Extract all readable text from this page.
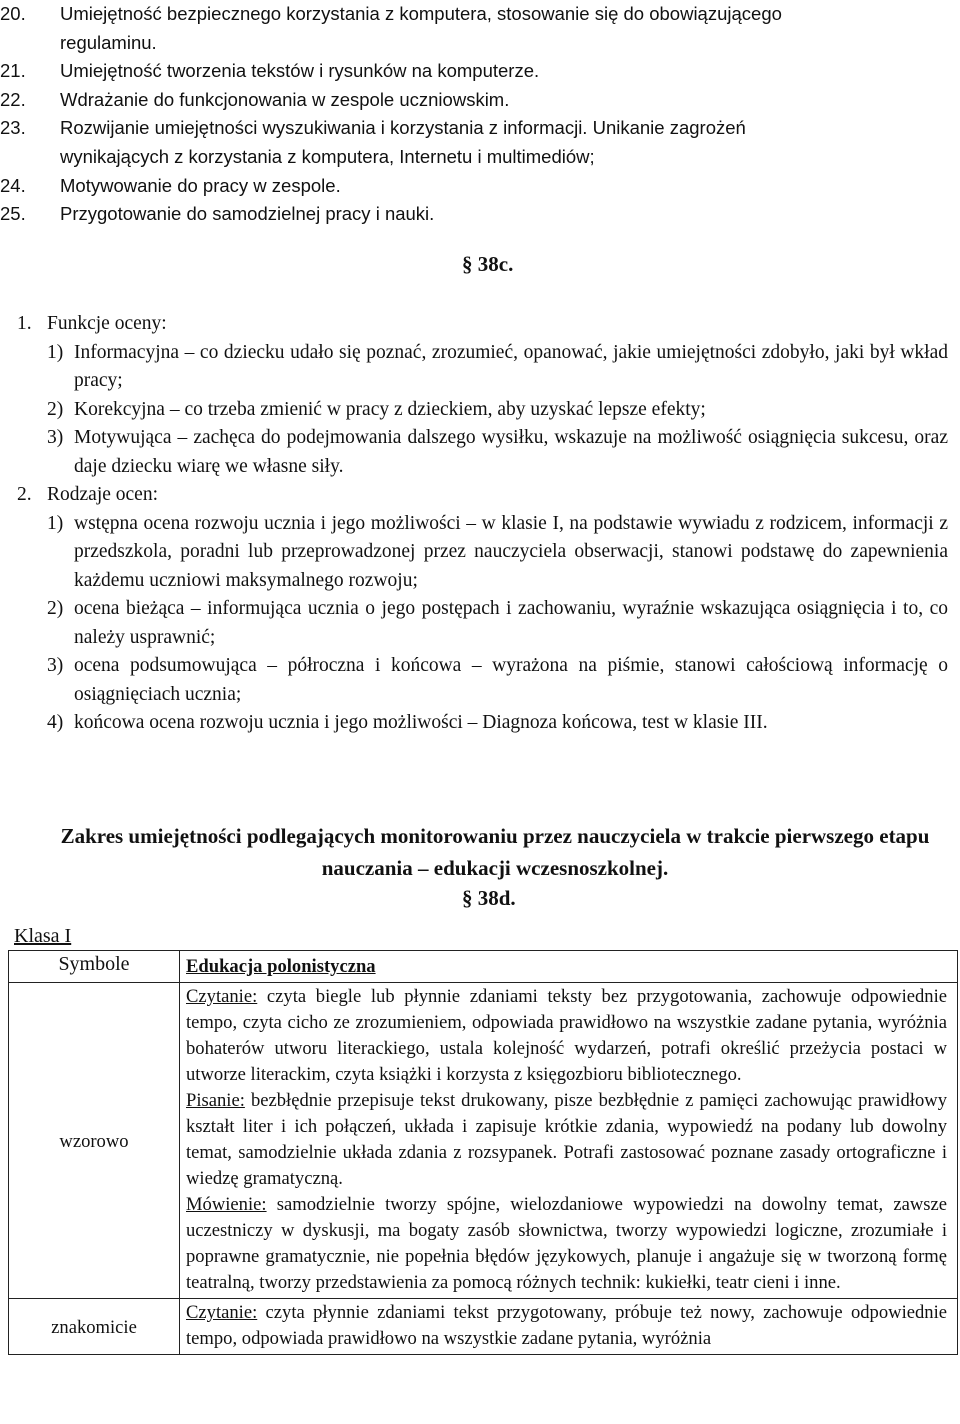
20.	Umiejętność bezpiecznego korzystania z komputera, stosowanie się do obowiązującego
regulaminu.
21.	Umiejętność tworzenia tekstów i rysunków na komputerze.
22.	Wdrażanie do funkcjonowania w zespole uczniowskim.
23.	Rozwijanie umiejętności wyszukiwania i korzystania z informacji. Unikanie zagrożeń
wynikających z korzystania z komputera, Internetu i multimediów;
24.	Motywowanie do pracy w zespole.
25.	Przygotowanie do samodzielnej pracy i nauki.
§ 38c.
1. Funkcje oceny:
1) Informacyjna – co dziecku udało się poznać, zrozumieć, opanować, jakie umiejętności zdobyło, jaki był wkład pracy;
2) Korekcyjna – co trzeba zmienić w pracy z dzieckiem, aby uzyskać lepsze efekty;
3) Motywująca – zachęca do podejmowania dalszego wysiłku, wskazuje na możliwość osiągnięcia sukcesu, oraz daje dziecku wiarę we własne siły.
2. Rodzaje ocen:
1) wstępna ocena rozwoju ucznia i jego możliwości – w klasie I, na podstawie wywiadu z rodzicem, informacji z przedszkola, poradni lub przeprowadzonej przez nauczyciela obserwacji, stanowi podstawę do zapewnienia każdemu uczniowi maksymalnego rozwoju;
2) ocena bieżąca – informująca ucznia o jego postępach i zachowaniu, wyraźnie wskazująca osiągnięcia i to, co należy usprawnić;
3) ocena podsumowująca – półroczna i końcowa – wyrażona na piśmie, stanowi całościową informację o osiągnięciach ucznia;
4) końcowa ocena rozwoju ucznia i jego możliwości – Diagnoza końcowa, test w klasie III.
Zakres umiejętności podlegających monitorowaniu przez nauczyciela w trakcie pierwszego etapu nauczania – edukacji wczesnoszkolnej.
§ 38d.
Klasa I
Symbole	Edukacja polonistyczna
wzorowo	Czytanie: czyta biegle lub płynnie zdaniami teksty bez przygotowania, zachowuje odpowiednie tempo, czyta cicho ze zrozumieniem, odpowiada prawidłowo na wszystkie zadane pytania, wyróżnia bohaterów utworu literackiego, ustala kolejność wydarzeń, potrafi określić przeżycia postaci w utworze literackim, czyta książki i korzysta z księgozbioru bibliotecznego.
Pisanie: bezbłędnie przepisuje tekst drukowany, pisze bezbłędnie z pamięci zachowując prawidłowy kształt liter i ich połączeń, układa i zapisuje krótkie zdania, wypowiedź na podany lub dowolny temat, samodzielnie układa zdania z rozsypanek. Potrafi zastosować poznane zasady ortograficzne i wiedzę gramatyczną.
Mówienie: samodzielnie tworzy spójne, wielozdaniowe wypowiedzi na dowolny temat, zawsze uczestniczy w dyskusji, ma bogaty zasób słownictwa, tworzy wypowiedzi logiczne, zrozumiałe i poprawne gramatycznie, nie popełnia błędów językowych, planuje i angażuje się w tworzoną formę teatralną, tworzy przedstawienia za pomocą różnych technik: kukiełki, teatr cieni i inne.
znakomicie	Czytanie: czyta płynnie zdaniami tekst przygotowany, próbuje też nowy, zachowuje odpowiednie tempo, odpowiada prawidłowo na wszystkie zadane pytania, wyróżnia
